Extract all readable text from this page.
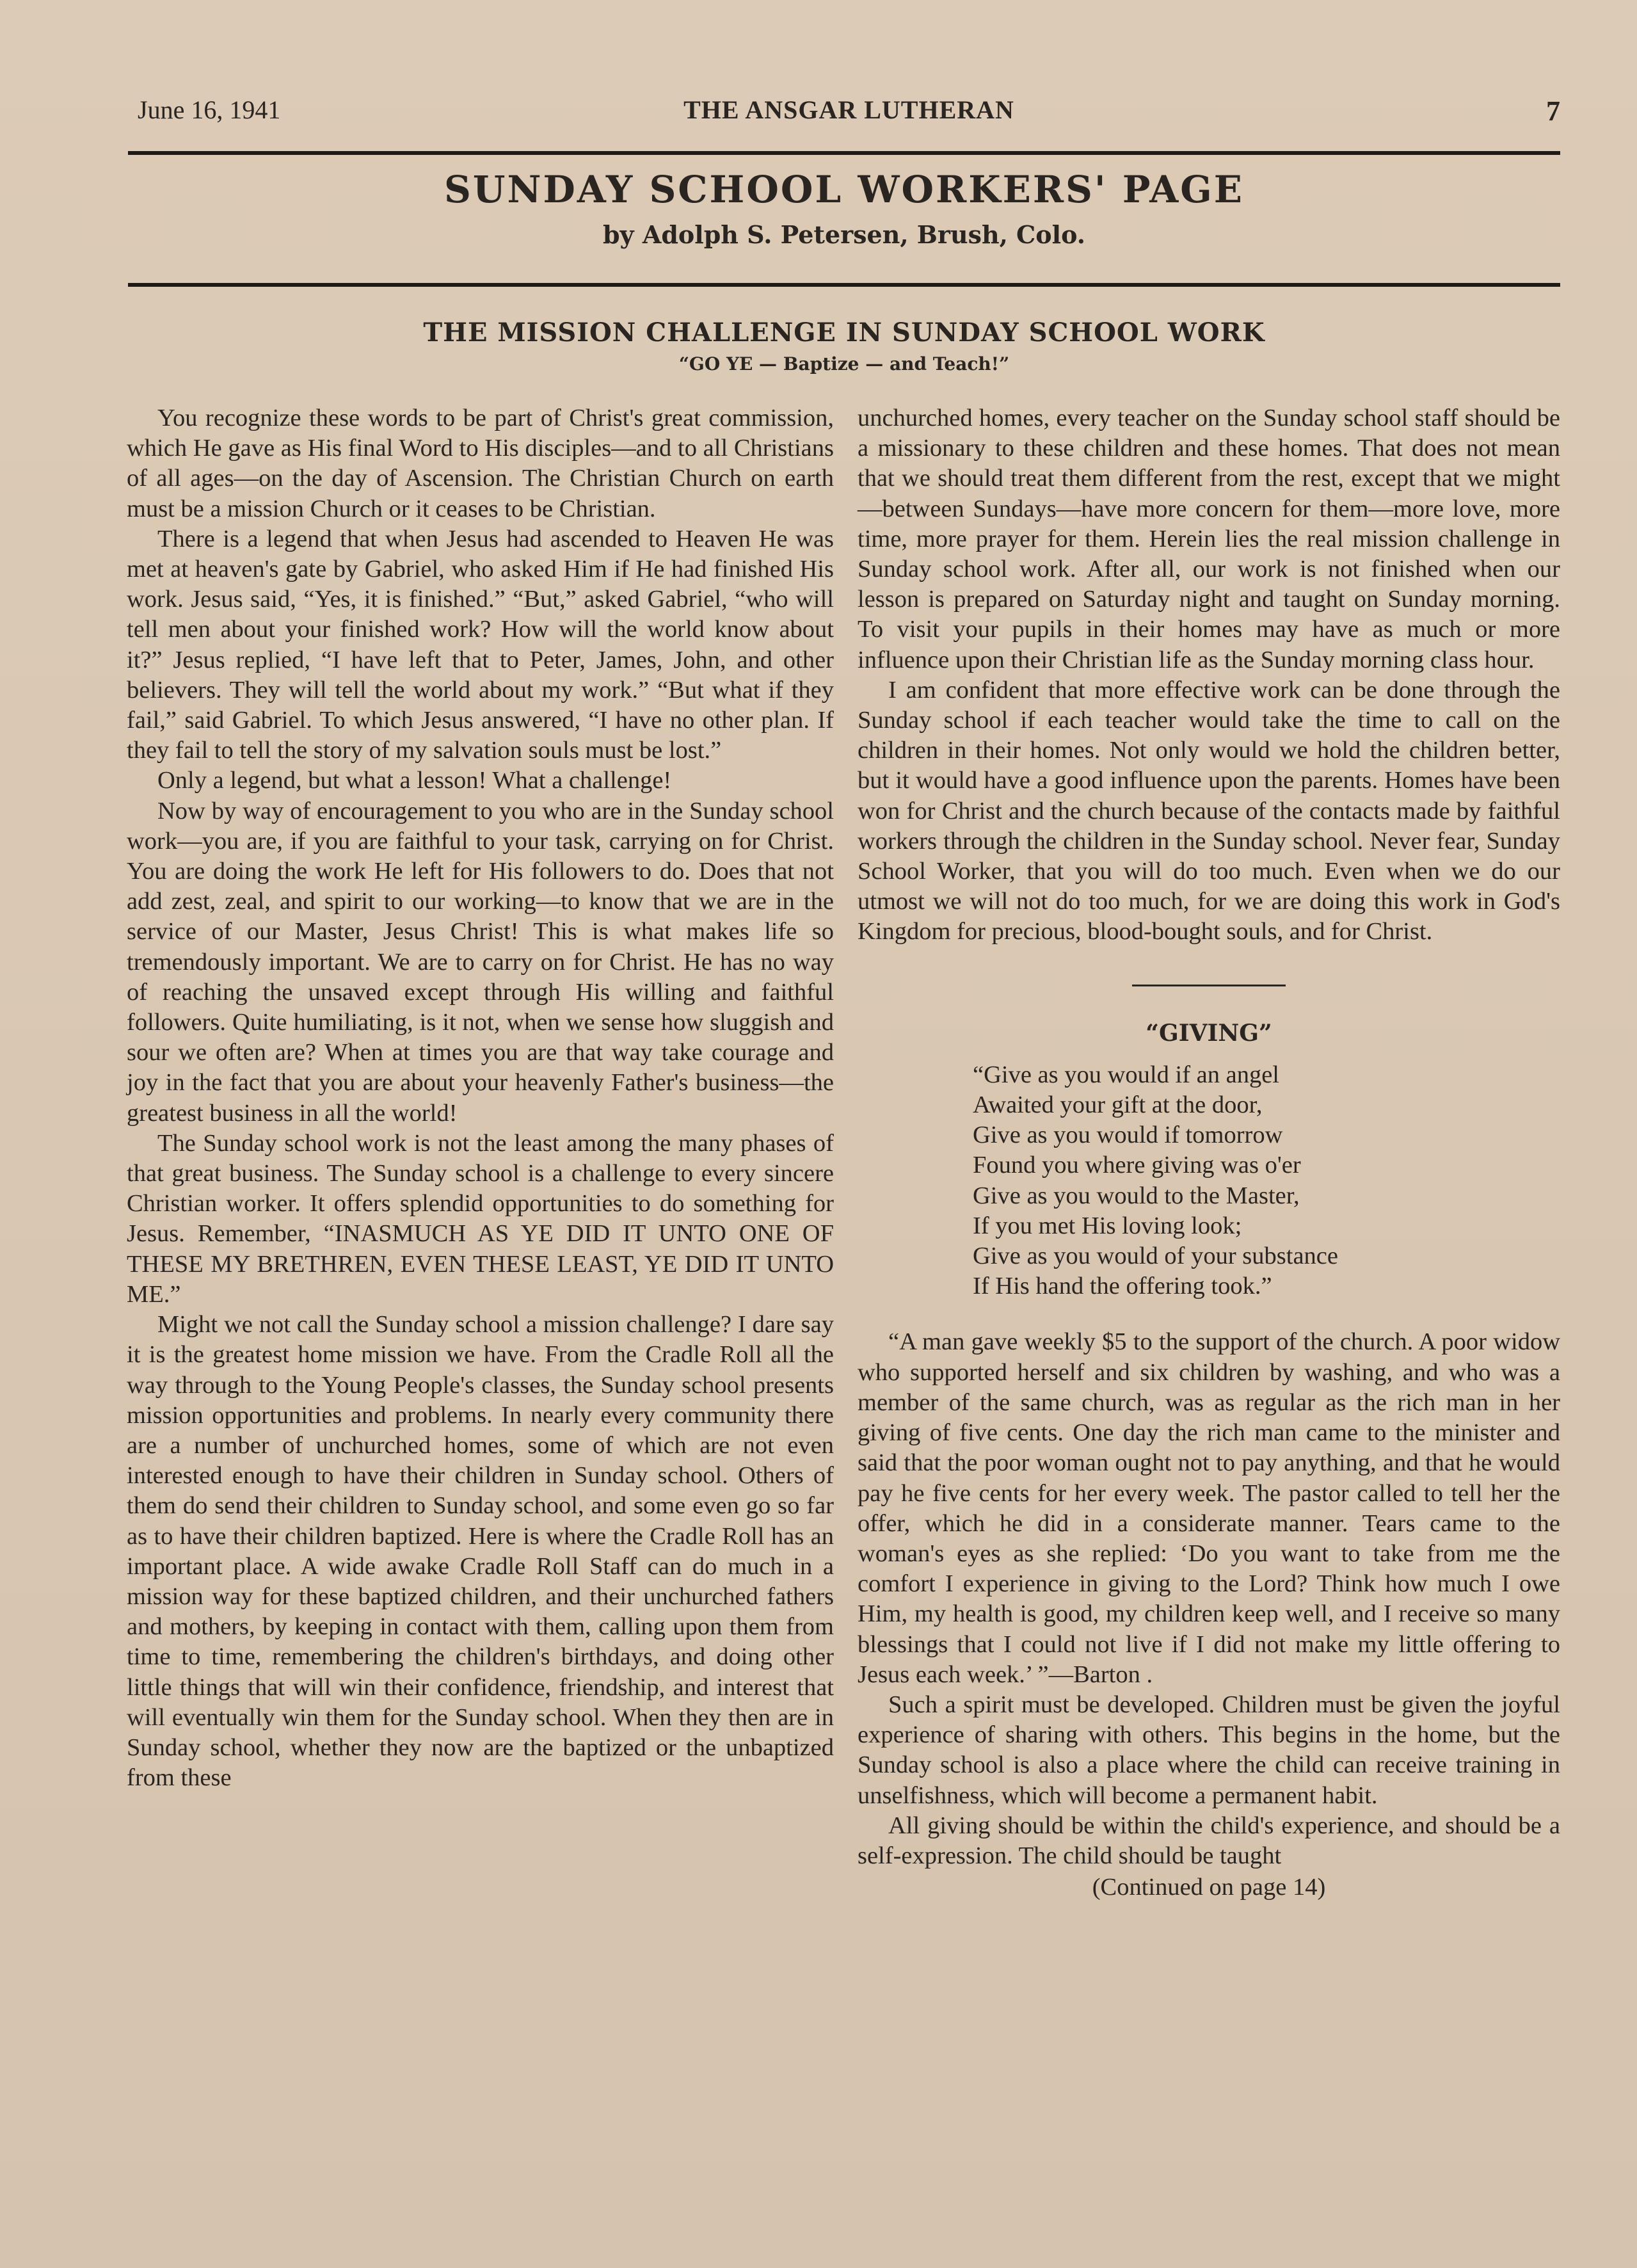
June 16, 1941	THE ANSGAR LUTHERAN	7
SUNDAY SCHOOL WORKERS' PAGE
by Adolph S. Petersen, Brush, Colo.
THE MISSION CHALLENGE IN SUNDAY SCHOOL WORK
“GO YE — Baptize — and Teach!”

You recognize these words to be part of Christ's great commission, which He gave as His final Word to His disciples—and to all Christians of all ages—on the day of Ascension. The Christian Church on earth must be a mission Church or it ceases to be Christian.

There is a legend that when Jesus had ascended to Heaven He was met at heaven's gate by Gabriel, who asked Him if He had finished His work. Jesus said, “Yes, it is finished.” “But,” asked Gabriel, “who will tell men about your finished work? How will the world know about it?” Jesus replied, “I have left that to Peter, James, John, and other believers. They will tell the world about my work.” “But what if they fail,” said Gabriel. To which Jesus answered, “I have no other plan. If they fail to tell the story of my salvation souls must be lost.”

Only a legend, but what a lesson! What a challenge!

Now by way of encouragement to you who are in the Sunday school work—you are, if you are faithful to your task, carrying on for Christ. You are doing the work He left for His followers to do. Does that not add zest, zeal, and spirit to our working—to know that we are in the service of our Master, Jesus Christ! This is what makes life so tremendously important. We are to carry on for Christ. He has no way of reaching the unsaved except through His willing and faithful followers. Quite humiliating, is it not, when we sense how sluggish and sour we often are? When at times you are that way take courage and joy in the fact that you are about your heavenly Father's business—the greatest business in all the world!

The Sunday school work is not the least among the many phases of that great business. The Sunday school is a challenge to every sincere Christian worker. It offers splendid opportunities to do something for Jesus. Remember, “INASMUCH AS YE DID IT UNTO ONE OF THESE MY BRETHREN, EVEN THESE LEAST, YE DID IT UNTO ME.”

Might we not call the Sunday school a mission challenge? I dare say it is the greatest home mission we have. From the Cradle Roll all the way through to the Young People's classes, the Sunday school presents mission opportunities and problems. In nearly every community there are a number of unchurched homes, some of which are not even interested enough to have their children in Sunday school. Others of them do send their children to Sunday school, and some even go so far as to have their children baptized. Here is where the Cradle Roll has an important place. A wide awake Cradle Roll Staff can do much in a mission way for these baptized children, and their unchurched fathers and mothers, by keeping in contact with them, calling upon them from time to time, remembering the children's birthdays, and doing other little things that will win their confidence, friendship, and interest that will eventually win them for the Sunday school. When they then are in Sunday school, whether they now are the baptized or the unbaptized from these

unchurched homes, every teacher on the Sunday school staff should be a missionary to these children and these homes. That does not mean that we should treat them different from the rest, except that we might—between Sundays—have more concern for them—more love, more time, more prayer for them. Herein lies the real mission challenge in Sunday school work. After all, our work is not finished when our lesson is prepared on Saturday night and taught on Sunday morning. To visit your pupils in their homes may have as much or more influence upon their Christian life as the Sunday morning class hour.

I am confident that more effective work can be done through the Sunday school if each teacher would take the time to call on the children in their homes. Not only would we hold the children better, but it would have a good influence upon the parents. Homes have been won for Christ and the church because of the contacts made by faithful workers through the children in the Sunday school. Never fear, Sunday School Worker, that you will do too much. Even when we do our utmost we will not do too much, for we are doing this work in God's Kingdom for precious, blood-bought souls, and for Christ.

“GIVING”
“Give as you would if an angel
Awaited your gift at the door,
Give as you would if tomorrow
Found you where giving was o'er
Give as you would to the Master,
If you met His loving look;
Give as you would of your substance
If His hand the offering took.”

“A man gave weekly $5 to the support of the church. A poor widow who supported herself and six children by washing, and who was a member of the same church, was as regular as the rich man in her giving of five cents. One day the rich man came to the minister and said that the poor woman ought not to pay anything, and that he would pay he five cents for her every week. The pastor called to tell her the offer, which he did in a considerate manner. Tears came to the woman's eyes as she replied: ‘Do you want to take from me the comfort I experience in giving to the Lord? Think how much I owe Him, my health is good, my children keep well, and I receive so many blessings that I could not live if I did not make my little offering to Jesus each week.’ ”—Barton .

Such a spirit must be developed. Children must be given the joyful experience of sharing with others. This begins in the home, but the Sunday school is also a place where the child can receive training in unselfishness, which will become a permanent habit.

All giving should be within the child's experience, and should be a self-expression. The child should be taught

(Continued on page 14)
